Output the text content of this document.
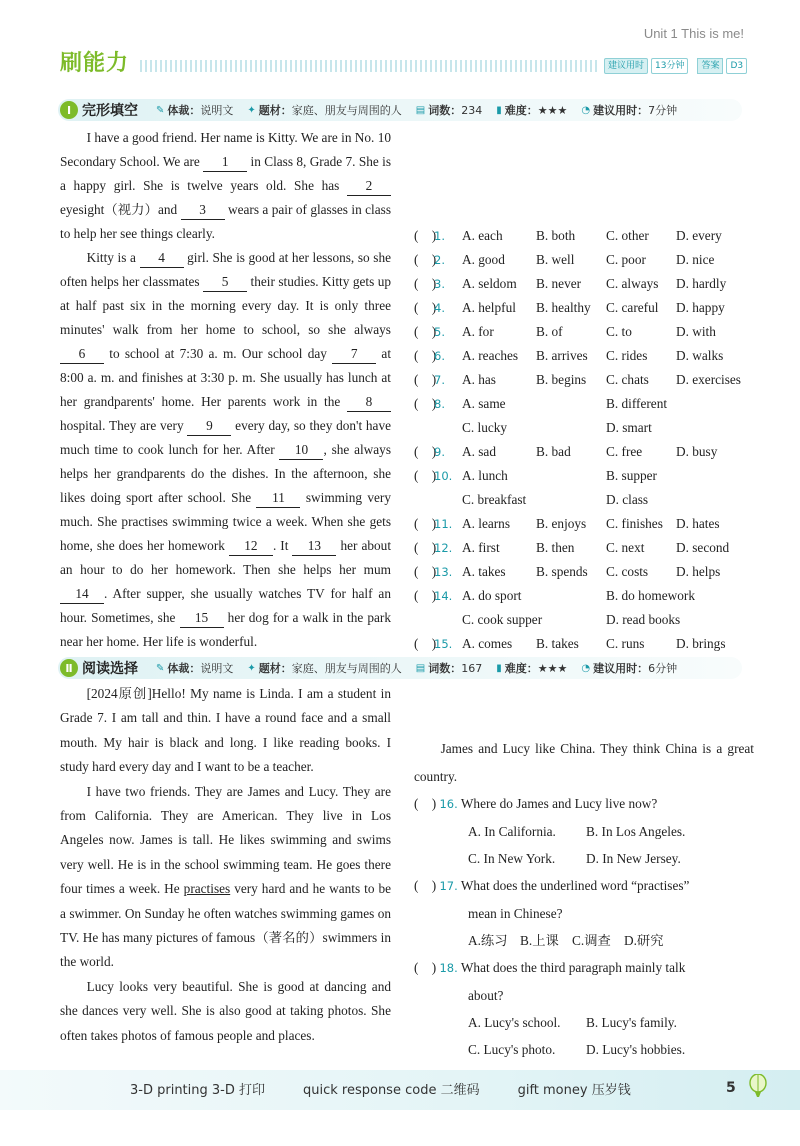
Unit 1 This is me!
刷能力	建议用时	13分钟	答案	D3
Ⅰ 完形填空 ✎ 体裁： 说明文 ✦ 题材： 家庭、朋友与周围的人 ▤ 词数： 234 ▮ 难度： ★★★ ◔ 建议用时： 7分钟

I have a good friend. Her name is Kitty. We are in No. 10 Secondary School. We are 1 in Class 8, Grade 7. She is a happy girl. She is twelve years old. She has 2 eyesight（视力）and 3 wears a pair of glasses in class to help her see things clearly.

Kitty is a 4 girl. She is good at her lessons, so she often helps her classmates 5 their studies. Kitty gets up at half past six in the morning every day. It is only three minutes' walk from her home to school, so she always 6 to school at 7:30 a. m. Our school day 7 at 8:00 a. m. and finishes at 3:30 p. m. She usually has lunch at her grandparents' home. Her parents work in the 8 hospital. They are very 9 every day, so they don't have much time to cook lunch for her. After 10 , she always helps her grandparents do the dishes. In the afternoon, she likes doing sport after school. She 11 swimming very much. She practises swimming twice a week. When she gets home, she does her homework 12 . It 13 her about an hour to do her homework. Then she helps her mum 14 . After supper, she usually watches TV for half an hour. Sometimes, she 15 her dog for a walk in the park near her home. Her life is wonderful.

(　)
1.	A. each	B. both	C. other	D. every
(　)
2.	A. good	B. well	C. poor	D. nice
(　)
3.	A. seldom	B. never	C. always	D. hardly
(　)
4.	A. helpful	B. healthy	C. careful	D. happy
(　)
5.	A. for	B. of	C. to	D. with
(　)
6.	A. reaches	B. arrives	C. rides	D. walks
(　)
7.	A. has	B. begins	C. chats	D. exercises
(　)
8.	A. same	B. different
C. lucky	D. smart
(　)
9.	A. sad	B. bad	C. free	D. busy
(　)
10. A. lunch	B. supper
C. breakfast	D. class
(　)
11. A. learns	B. enjoys	C. finishes D. hates
(　)
12. A. first	B. then	C. next	D. second
(　)
13. A. takes	B. spends	C. costs	D. helps
(　)
14. A. do sport	B. do homework
C. cook supper	D. read books
(　)
15. A. comes	B. takes	C. runs	D. brings
Ⅱ 阅读选择 ✎ 体裁： 说明文 ✦ 题材： 家庭、朋友与周围的人 ▤ 词数： 167 ▮ 难度： ★★★ ◔ 建议用时： 6分钟

[2024原创]Hello! My name is Linda. I am a student in Grade 7. I am tall and thin. I have a round face and a small mouth. My hair is black and long. I like reading books. I study hard every day and I want to be a teacher.

I have two friends. They are James and Lucy. They are from California. They are American. They live in Los Angeles now. James is tall. He likes swimming and swims very well. He is in the school swimming team. He goes there four times a week. He practises very hard and he wants to be a swimmer. On Sunday he often watches swimming games on TV. He has many pictures of famous（著名的）swimmers in the world.

Lucy looks very beautiful. She is good at dancing and she dances very well. She is also good at taking photos. She often takes photos of famous people and places.

James and Lucy like China. They think China is a great country.

(　) 16. Where do James and Lucy live now?
A. In California.	B. In Los Angeles.
C. In New York.	D. In New Jersey.
(　) 17. What does the underlined word “practises”
mean in Chinese?
A.练习 B.上课 C.调查 D.研究
(　) 18. What does the third paragraph mainly talk
about?
A. Lucy's school.	B. Lucy's family.
C. Lucy's photo.	D. Lucy's hobbies.
3-D printing 3-D 打印	quick response code 二维码	gift money 压岁钱	5
